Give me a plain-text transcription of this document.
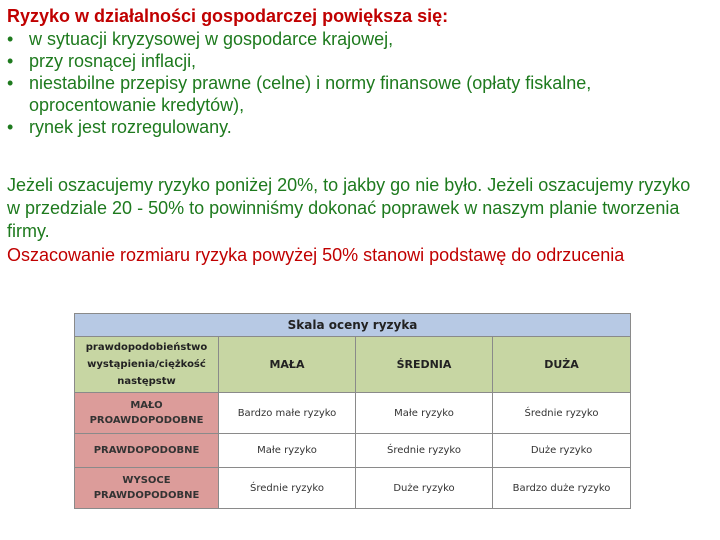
Ryzyko w działalności gospodarczej powiększa się:

• w sytuacji kryzysowej w gospodarce krajowej,
• przy rosnącej inflacji,
• niestabilne przepisy prawne (celne) i normy finansowe (opłaty fiskalne, oprocentowanie kredytów),
• rynek jest rozregulowany.

Jeżeli oszacujemy ryzyko poniżej 20%, to jakby go nie było. Jeżeli oszacujemy ryzyko w przedziale 20 - 50% to powinniśmy dokonać poprawek w naszym planie tworzenia firmy.

Oszacowanie rozmiaru ryzyka powyżej 50% stanowi podstawę do odrzucenia

Skala oceny ryzyka			
prawdopodobieństwo wystąpienia/ciężkość następstw	MAŁA	ŚREDNIA	DUŻA
MAŁO PROAWDOPODOBNE	Bardzo małe ryzyko	Małe ryzyko	Średnie ryzyko
PRAWDOPODOBNE	Małe ryzyko	Średnie ryzyko	Duże ryzyko
WYSOCE PRAWDOPODOBNE	Średnie ryzyko	Duże ryzyko	Bardzo duże ryzyko
